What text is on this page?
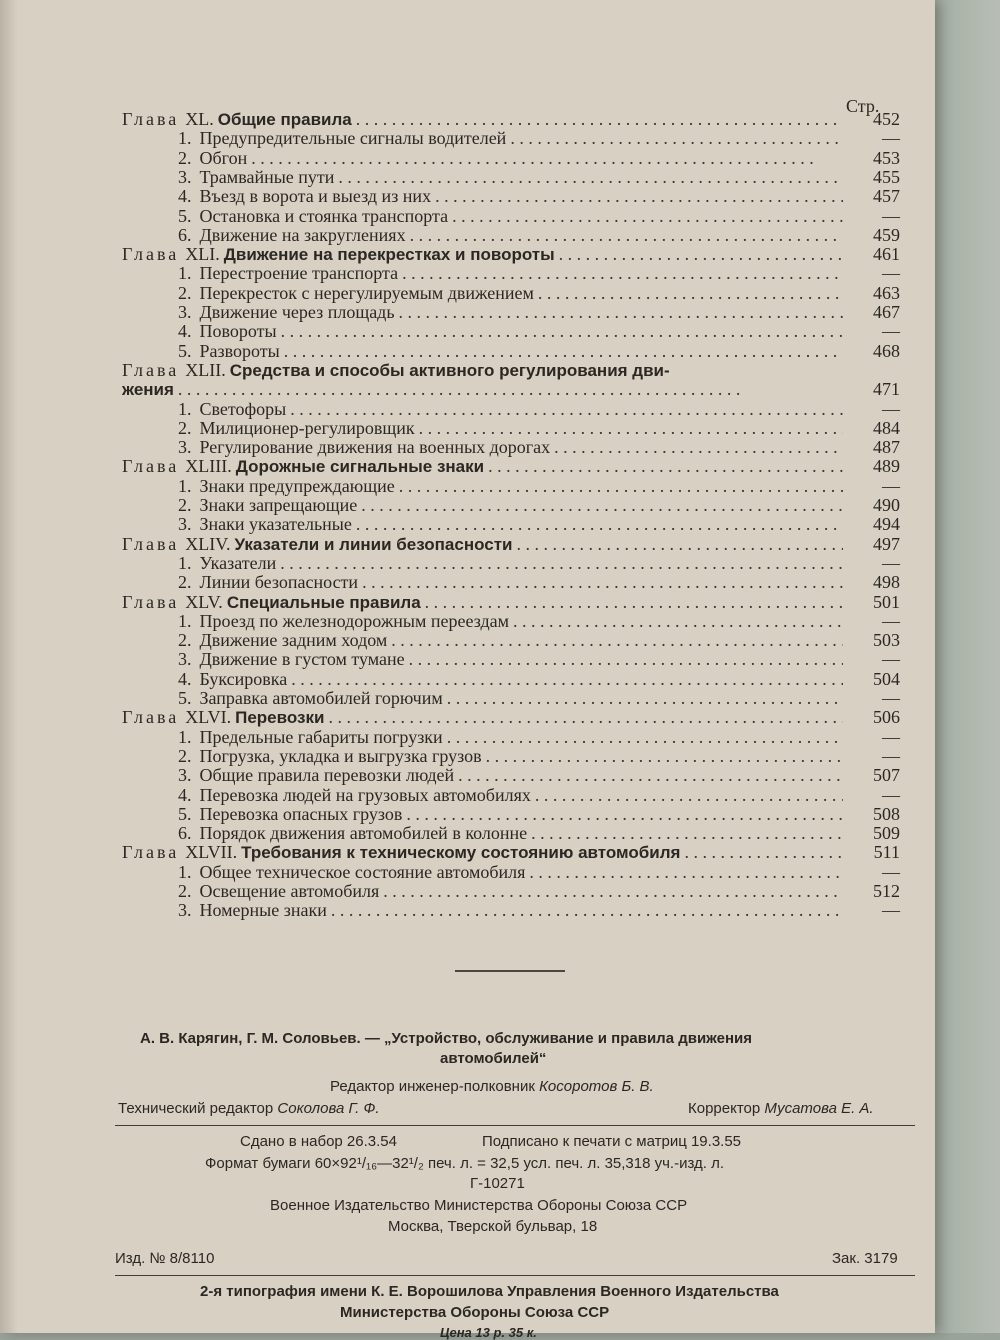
Стр.
Глава XL. Общие правила . .	452
1. Предупредительные сигналы водителей . .	—
2. Обгон . .	453
3. Трамвайные пути . .	455
4. Въезд в ворота и выезд из них . .	457
5. Остановка и стоянка транспорта . .	—
6. Движение на закруглениях . .	459
Глава XLI. Движение на перекрестках и повороты . .	461
1. Перестроение транспорта . .	—
2. Перекресток с нерегулируемым движением . .	463
3. Движение через площадь . .	467
4. Повороты . .	—
5. Развороты . .	468
Глава XLII. Средства и способы активного регулирования дви-
жения . .	471
1. Светофоры . .	—
2. Милиционер-регулировщик . .	484
3. Регулирование движения на военных дорогах . .	487
Глава XLIII. Дорожные сигнальные знаки . .	489
1. Знаки предупреждающие . .	—
2. Знаки запрещающие . .	490
3. Знаки указательные . .	494
Глава XLIV. Указатели и линии безопасности . .	497
1. Указатели . .	—
2. Линии безопасности . .	498
Глава XLV. Специальные правила . .	501
1. Проезд по железнодорожным переездам . .	—
2. Движение задним ходом . .	503
3. Движение в густом тумане . .	—
4. Буксировка . .	504
5. Заправка автомобилей горючим . .	—
Глава XLVI. Перевозки . .	506
1. Предельные габариты погрузки . .	—
2. Погрузка, укладка и выгрузка грузов . .	—
3. Общие правила перевозки людей . .	507
4. Перевозка людей на грузовых автомобилях . .	—
5. Перевозка опасных грузов . .	508
6. Порядок движения автомобилей в колонне . .	509
Глава XLVII. Требования к техническому состоянию автомобиля . .	511
1. Общее техническое состояние автомобиля . .	—
2. Освещение автомобиля . .	512
3. Номерные знаки . .	—
А. В. Карягин, Г. М. Соловьев. — „Устройство, обслуживание и правила движения
автомобилей“
Редактор инженер-полковник Косоротов Б. В.
Технический редактор Соколова Г. Ф.	Корректор Мусатова Е. А.
Сдано в набор 26.3.54	Подписано к печати с матриц 19.3.55
Формат бумаги 60×92¹/₁₆—32¹/₂ печ. л. = 32,5 усл. печ. л. 35,318 уч.-изд. л.
Г-10271
Военное Издательство Министерства Обороны Союза ССР
Москва, Тверской бульвар, 18
Изд. № 8/8110	Зак. 3179
2-я типография имени К. Е. Ворошилова Управления Военного Издательства
Министерства Обороны Союза ССР
Цена 13 р. 35 к.
